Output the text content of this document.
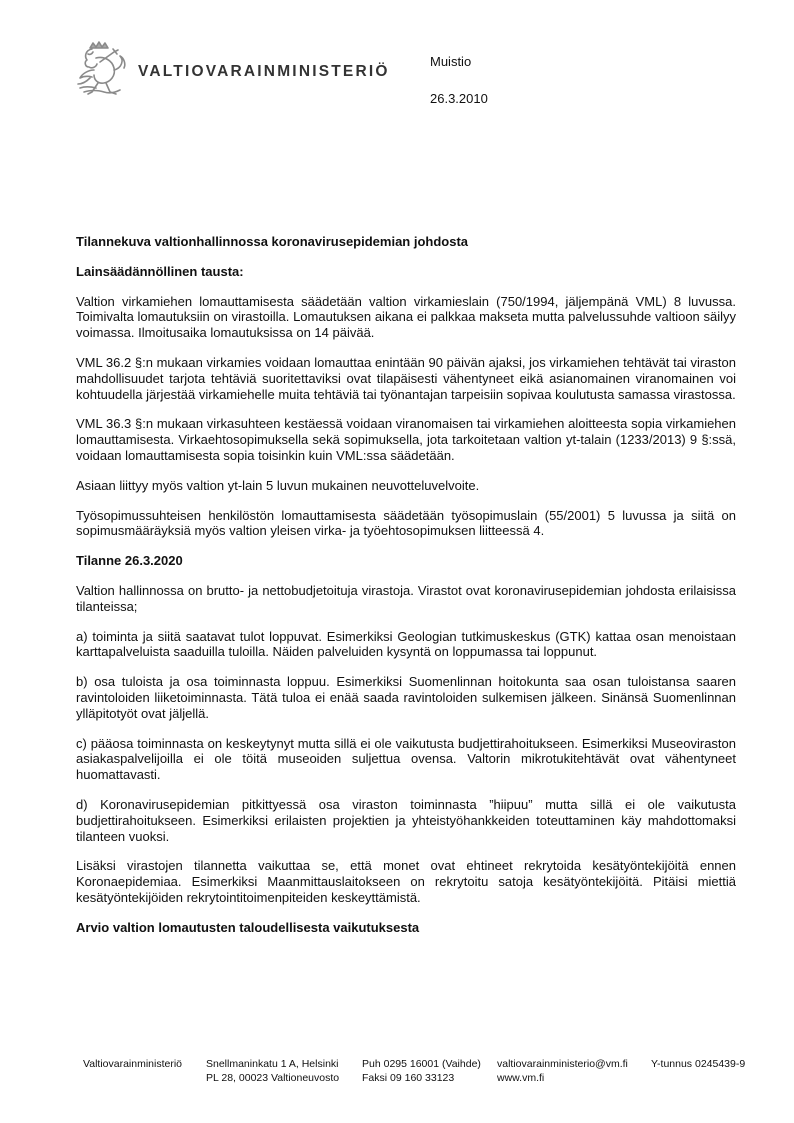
VALTIOVARAINMINISTERIÖ
Muistio
26.3.2010
Tilannekuva valtionhallinnossa koronavirusepidemian johdosta
Lainsäädännöllinen tausta:

Valtion virkamiehen lomauttamisesta säädetään valtion virkamieslain (750/1994, jäljempänä VML) 8 luvussa. Toimivalta lomautuksiin on virastoilla. Lomautuksen aikana ei palkkaa makseta mutta palvelussuhde valtioon säilyy voimassa. Ilmoitusaika lomautuksissa on 14 päivää.

VML 36.2 §:n mukaan virkamies voidaan lomauttaa enintään 90 päivän ajaksi, jos virkamiehen tehtävät tai viraston mahdollisuudet tarjota tehtäviä suoritettaviksi ovat tilapäisesti vähentyneet eikä asianomainen viranomainen voi kohtuudella järjestää virkamiehelle muita tehtäviä tai työnantajan tarpeisiin sopivaa koulutusta samassa virastossa.

VML 36.3 §:n mukaan virkasuhteen kestäessä voidaan viranomaisen tai virkamiehen aloitteesta sopia virkamiehen lomauttamisesta. Virkaehtosopimuksella sekä sopimuksella, jota tarkoitetaan valtion yt-talain (1233/2013) 9 §:ssä, voidaan lomauttamisesta sopia toisinkin kuin VML:ssa säädetään.

Asiaan liittyy myös valtion yt-lain 5 luvun mukainen neuvotteluvelvoite.

Työsopimussuhteisen henkilöstön lomauttamisesta säädetään työsopimuslain (55/2001) 5 luvussa ja siitä on sopimusmääräyksiä myös valtion yleisen virka- ja työehtosopimuksen liitteessä 4.

Tilanne 26.3.2020

Valtion hallinnossa on brutto- ja nettobudjetoituja virastoja. Virastot ovat koronavirusepidemian johdosta erilaisissa tilanteissa;

a) toiminta ja siitä saatavat tulot loppuvat. Esimerkiksi Geologian tutkimuskeskus (GTK) kattaa osan menoistaan karttapalveluista saaduilla tuloilla. Näiden palveluiden kysyntä on loppumassa tai loppunut.

b) osa tuloista ja osa toiminnasta loppuu. Esimerkiksi Suomenlinnan hoitokunta saa osan tuloistansa saaren ravintoloiden liiketoiminnasta. Tätä tuloa ei enää saada ravintoloiden sulkemisen jälkeen. Sinänsä Suomenlinnan ylläpitotyöt ovat jäljellä.

c) pääosa toiminnasta on keskeytynyt mutta sillä ei ole vaikutusta budjettirahoitukseen. Esimerkiksi Museoviraston asiakaspalvelijoilla ei ole töitä museoiden suljettua ovensa. Valtorin mikrotukitehtävät ovat vähentyneet huomattavasti.

d) Koronavirusepidemian pitkittyessä osa viraston toiminnasta ”hiipuu” mutta sillä ei ole vaikutusta budjettirahoitukseen. Esimerkiksi erilaisten projektien ja yhteistyöhankkeiden toteuttaminen käy mahdottomaksi tilanteen vuoksi.

Lisäksi virastojen tilannetta vaikuttaa se, että monet ovat ehtineet rekrytoida kesätyöntekijöitä ennen Koronaepidemiaa. Esimerkiksi Maanmittauslaitokseen on rekrytoitu satoja kesätyöntekijöitä. Pitäisi miettiä kesätyöntekijöiden rekrytointitoimenpiteiden keskeyttämistä.

Arvio valtion lomautusten taloudellisesta vaikutuksesta
Valtiovarainministeriö Snellmaninkatu 1 A, Helsinki
PL 28, 00023 Valtioneuvosto
Puh 0295 16001 (Vaihde)
Faksi 09 160 33123
valtiovarainministerio@vm.fi
www.vm.fi
Y-tunnus 0245439-9
